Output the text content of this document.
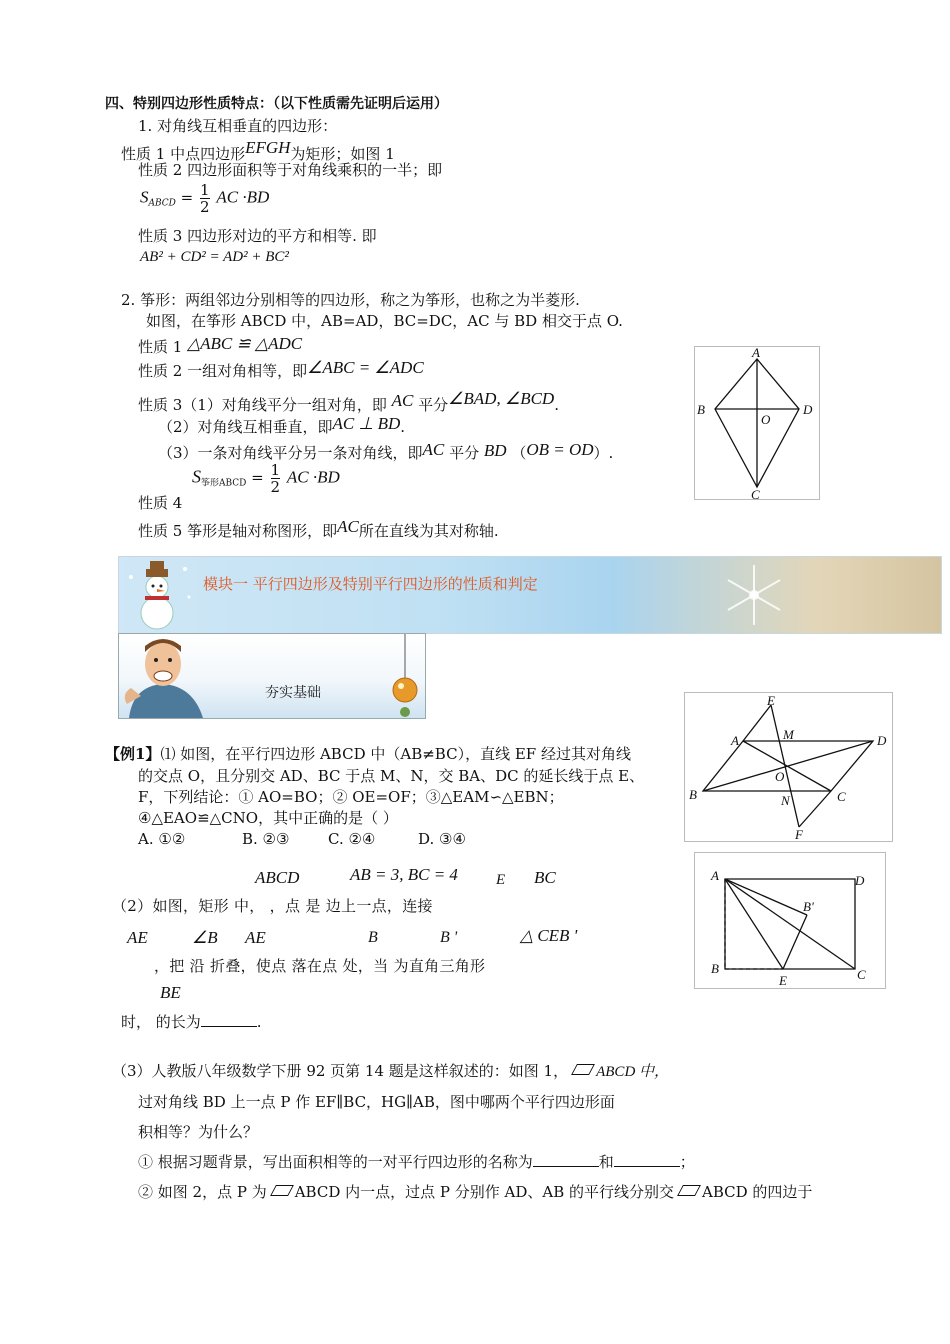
四、特别四边形性质特点：（以下性质需先证明后运用）
1. 对角线互相垂直的四边形：
性质 1 中点四边形EFGH为矩形；如图 1
性质 2 四边形面积等于对角线乘积的一半；即
$S_{ABCD} = \frac{1}{2}$ AC ·BD
性质 3 四边形对边的平方和相等. 即
AB² + CD² = AD² + BC²
2. 筝形：两组邻边分别相等的四边形，称之为筝形，也称之为半菱形.
如图，在筝形 ABCD 中，AB=AD，BC=DC，AC 与 BD 相交于点 O.
性质 1 △ABC ≌ △ADC
性质 2 一组对角相等，即∠ABC = ∠ADC
性质 3（1）对角线平分一组对角，即 AC 平分∠BAD, ∠BCD.
（2）对角线互相垂直，即AC ⊥ BD.
（3）一条对角线平分另一条对角线，即AC 平分 BD （OB = OD）.
$S_{筝形ABCD} = \frac{1}{2}$ AC ·BD
性质 4
性质 5 筝形是轴对称图形，即AC所在直线为其对称轴.
A
B
O
D
C
模块一 平行四边形及特别平行四边形的性质和判定
夯实基础	E
A	M	D
O
B	N	C
F
【例1】⑴ 如图，在平行四边形 ABCD 中（AB≠BC），直线 EF 经过其对角线
的交点 O，且分别交 AD、BC 于点 M、N，交 BA、DC 的延长线于点 E、
F，下列结论：① AO=BO；② OE=OF；③△EAM∽△EBN；
④△EAO≌△CNO，其中正确的是（ ）
A. ①②	B. ②③	C. ②④	D. ③④
A	D
B'
B
E	C
ABCD	AB = 3, BC = 4	E BC
（2）如图，矩形 中， ，点 是 边上一点，连接
AE	∠B AE	B	B '	△ CEB '
，把 沿 折叠，使点 落在点 处，当 为直角三角形
BE
时， 的长为	.
（3）人教版八年级数学下册 92 页第 14 题是这样叙述的：如图 1， ABCD 中，
过对角线 BD 上一点 P 作 EF∥BC，HG∥AB，图中哪两个平行四边形面
积相等？为什么？
① 根据习题背景，写出面积相等的一对平行四边形的名称为	和	；
② 如图 2，点 P 为 ABCD 内一点，过点 P 分别作 AD、AB 的平行线分别交 ABCD 的四边于
